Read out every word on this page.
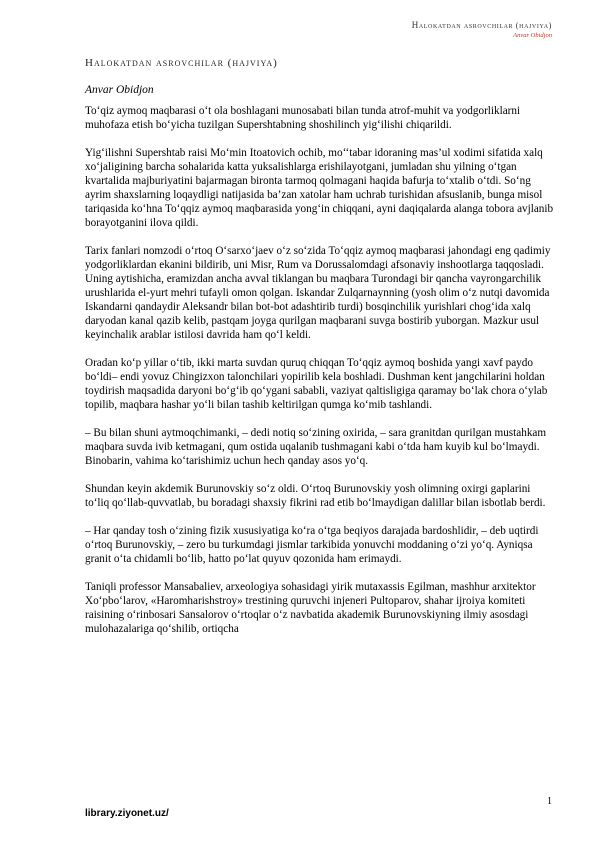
Halokatdan asrovchilar (hajviya)
Anvar Obidjon
Halokatdan asrovchilar (hajviya)
Anvar Obidjon

To‘qiz aymoq maqbarasi o‘t ola boshlagani munosabati bilan tunda atrof-muhit va yodgorliklarni muhofaza etish bo‘yicha tuzilgan Supershtabning shoshilinch yig‘ilishi chiqarildi.

Yig‘ilishni Supershtab raisi Mo‘min Itoatovich ochib, mo‘‘tabar idoraning mas’ul xodimi sifatida xalq xo‘jaligining barcha sohalarida katta yuksalishlarga erishilayotgani, jumladan shu yilning o‘tgan kvartalida majburiyatini bajarmagan bironta tarmoq qolmagani haqida bafurja to‘xtalib o‘tdi. So‘ng ayrim shaxslarning loqaydligi natijasida ba’zan xatolar ham uchrab turishidan afsuslanib, bunga misol tariqasida ko‘hna To‘qqiz aymoq maqbarasida yong‘in chiqqani, ayni daqiqalarda alanga tobora avjlanib borayotganini ilova qildi.

Tarix fanlari nomzodi o‘rtoq O‘sarxo‘jaev o‘z so‘zida To‘qqiz aymoq maqbarasi jahondagi eng qadimiy yodgorliklardan ekanini bildirib, uni Misr, Rum va Dorussalomdagi afsonaviy inshootlarga taqqosladi. Uning aytishicha, eramizdan ancha avval tiklangan bu maqbara Turondagi bir qancha vayrongarchilik urushlarida el-yurt mehri tufayli omon qolgan. Iskandar Zulqarnaynning (yosh olim o‘z nutqi davomida Iskandarni qandaydir Aleksandr bilan bot-bot adashtirib turdi) bosqinchilik yurishlari chog‘ida xalq daryodan kanal qazib kelib, pastqam joyga qurilgan maqbarani suvga bostirib yuborgan. Mazkur usul keyinchalik arablar istilosi davrida ham qo‘l keldi.

Oradan ko‘p yillar o‘tib, ikki marta suvdan quruq chiqqan To‘qqiz aymoq boshida yangi xavf paydo bo‘ldi– endi yovuz Chingizxon talonchilari yopirilib kela boshladi. Dushman kent jangchilarini holdan toydirish maqsadida daryoni bo‘g‘ib qo‘ygani sababli, vaziyat qaltisligiga qaramay bo‘lak chora o‘ylab topilib, maqbara hashar yo‘li bilan tashib keltirilgan qumga ko‘mib tashlandi.

– Bu bilan shuni aytmoqchimanki, – dedi notiq so‘zining oxirida, – sara granitdan qurilgan mustahkam maqbara suvda ivib ketmagani, qum ostida uqalanib tushmagani kabi o‘tda ham kuyib kul bo‘lmaydi. Binobarin, vahima ko‘tarishimiz uchun hech qanday asos yo‘q.

Shundan keyin akdemik Burunovskiy so‘z oldi. O‘rtoq Burunovskiy yosh olimning oxirgi gaplarini to‘liq qo‘llab-quvvatlab, bu boradagi shaxsiy fikrini rad etib bo‘lmaydigan dalillar bilan isbotlab berdi.

– Har qanday tosh o‘zining fizik xususiyatiga ko‘ra o‘tga beqiyos darajada bardoshlidir, – deb uqtirdi o‘rtoq Burunovskiy, – zero bu turkumdagi jismlar tarkibida yonuvchi moddaning o‘zi yo‘q. Ayniqsa granit o‘ta chidamli bo‘lib, hatto po‘lat quyuv qozonida ham erimaydi.

Taniqli professor Mansabaliev, arxeologiya sohasidagi yirik mutaxassis Egilman, mashhur arxitektor Xo‘pbo‘larov, «Haromharishstroy» trestining quruvchi injeneri Pultoparov, shahar ijroiya komiteti raisining o‘rinbosari Sansalorov o‘rtoqlar o‘z navbatida akademik Burunovskiyning ilmiy asosdagi mulohazalariga qo‘shilib, ortiqcha

1
library.ziyonet.uz/
